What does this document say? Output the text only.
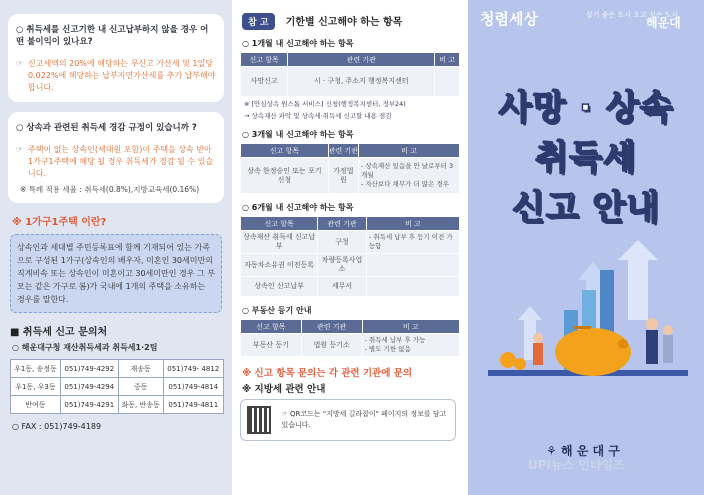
○ 취득세를 신고기한 내 신고납부하지 않을 경우 어떤 불이익이 있나요?
☞ 신고세액의 20%에 해당하는 무신고 가산세 및 1일당 0.022%에 해당하는 납부지연가산세를 추가 납부해야 합니다.
○ 상속과 관련된 취득세 경감 규정이 있습니까 ?
☞ 주택이 없는 상속인(세대원 포함)이 주택을 상속 받아 1가구1주택에 해당 될 경우 취득세가 경감 될 수 있습니다.
※ 특례 적용 세율 : 취득세(0.8%),지방교육세(0.16%)
※ 1가구1주택 이란?
상속인과 세대별 주민등록표에 함께 기재되어 있는 가족으로 구성된 1가구(상속인의 배우자, 미혼인 30세미만의 직계비속 또는 상속인이 미혼이고 30세미만인 경우 그 부모는 같은 가구로 봄)가 국내에 1개의 주택을 소유하는 경우를 말한다.
■ 취득세 신고 문의처
○ 해운대구청 재산취득세과 취득세1·2팀
우1동, 송정동	051)749-4292	재송동	051)749- 4812
우1동, 우3동	051)749-4294	중동	051)749-4814
반여동	051)749-4291	좌동, 반송동	051)749-4811
○ FAX : 051)749-4189
참 고 기한별 신고해야 하는 항목
○ 1개월 내 신고해야 하는 항목
신고 항목	관련 기관	비 고
사망신고	시 · 구청, 주소지 행정복지센터	
※ [안심상속 원스톱 서비스] 신청(행정복지센터, 정부24)
→ 상속재산 파악 및 상속세·취득세 신고할 내용 점검
○ 3개월 내 신고해야 하는 항목
신고 항목	관련 기관	비 고
상속 한정승인 또는 포기 신청	가정법원	- 상속재산 있음을 안 날로부터 3개월
- 자산보다 채무가 더 많은 경우
○ 6개월 내 신고해야 하는 항목
신고 항목	관련 기관	비 고
상속재산 취득세 신고납부	구청	- 취득세 납부 후 등기 이전 가능함
자동차소유권 이전등록	차량등록사업소	
상속인 신고납부	세무서	
○ 부동산 등기 안내
신고 항목	관련 기관	비 고
부동산 등기	법원 등기소	- 취득세 납부 후 가능
- 별도 기한 없음
※ 신고 항목 문의는 각 관련 기관에 문의
※ 지방세 관련 안내
☞ QR코드는 "지방세 길라잡이" 페이지의 정보를 담고 있습니다.
청렴세상	살기 좋은 도시 오고 싶은 도시
해운대
사망 · 상속
취득세
신고 안내
⚘ 해 운 대 구
UPI뉴스 민타임즈
